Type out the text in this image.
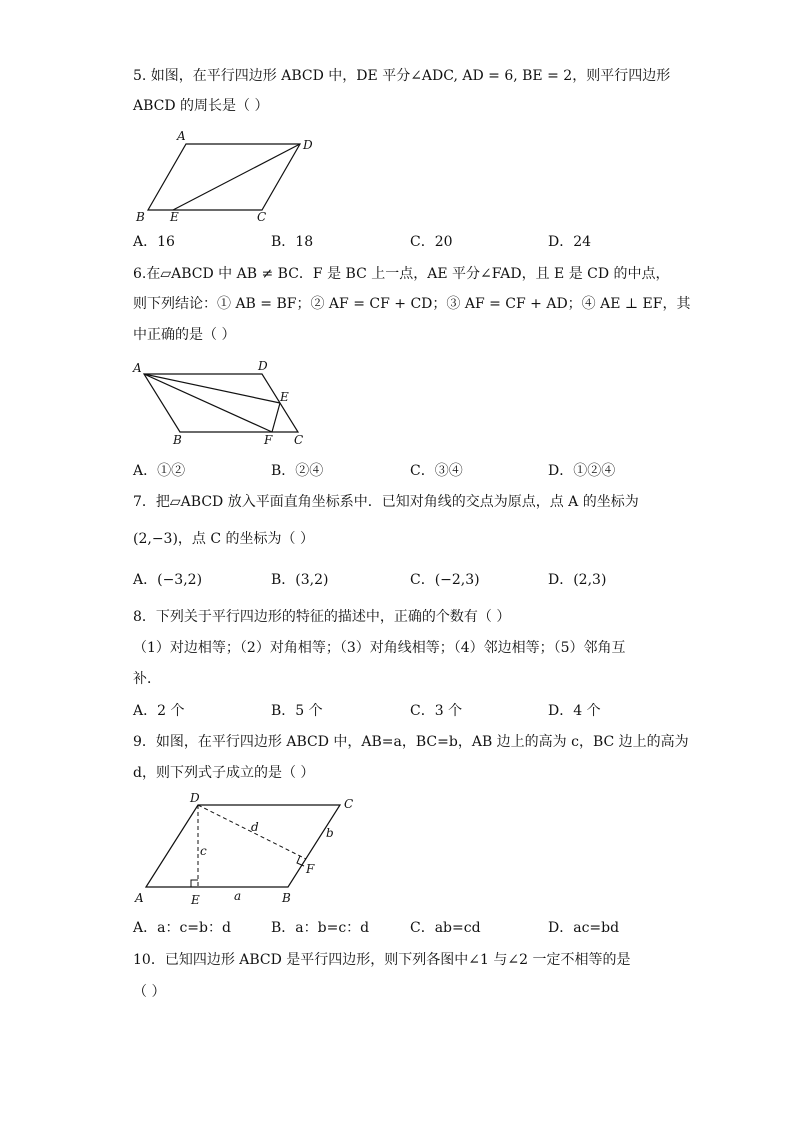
5. 如图，在平行四边形 ABCD 中，DE 平分∠ADC, AD = 6, BE = 2，则平行四边形
ABCD 的周长是（ ）
A
D
B E	C
A．16	B．18	C．20	D．24
6.在▱ABCD 中 AB ≠ BC．F 是 BC 上一点，AE 平分∠FAD，且 E 是 CD 的中点，
则下列结论：① AB = BF；② AF = CF + CD；③ AF = CF + AD；④ AE ⊥ EF，其
中正确的是（ ）
A	D
E
B	F C
A．①②	B．②④	C．③④	D．①②④
7．把▱ABCD 放入平面直角坐标系中．已知对角线的交点为原点，点 A 的坐标为
(2,−3)，点 C 的坐标为（ ）
A．(−3,2)	B．(3,2)	C．(−2,3)	D．(2,3)
8．下列关于平行四边形的特征的描述中，正确的个数有（ ）
（1）对边相等；（2）对角相等；（3）对角线相等；（4）邻边相等；（5）邻角互
补．
A．2 个	B．5 个	C．3 个	D．4 个
9．如图，在平行四边形 ABCD 中，AB=a，BC=b，AB 边上的高为 c，BC 边上的高为
d，则下列式子成立的是（ ）
D	C
A	E	B
F
a
b
c
d
A．a：c=b：d	B．a：b=c：d	C．ab=cd	D．ac=bd
10．已知四边形 ABCD 是平行四边形，则下列各图中∠1 与∠2 一定不相等的是
（ ）
